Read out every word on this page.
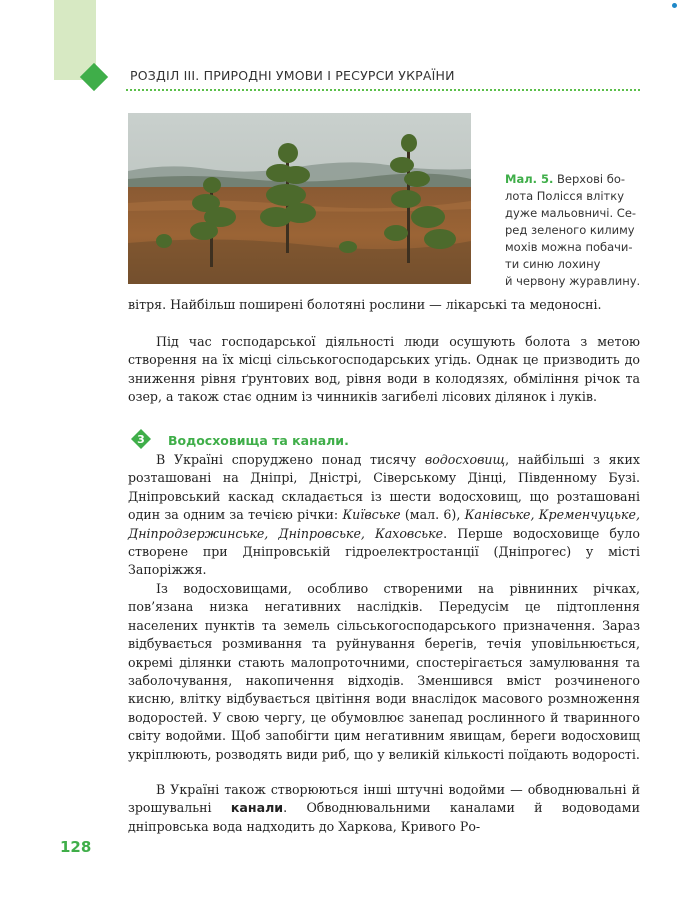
РОЗДІЛ ІІІ. ПРИРОДНІ УМОВИ І РЕСУРСИ УКРАЇНИ
Мал. 5. Верхові бо-
лота Полісся влітку
дуже мальовничі. Се-
ред зеленого килиму
мохів можна побачи-
ти синю лохину
й червону журавлину.

вітря. Найбільш поширені болотяні рослини — лікарські та медоносні.

Під час господарської діяльності люди осушують болота з метою створення на їх місці сільськогосподарських угідь. Однак це призводить до зниження рівня ґрунтових вод, рівня води в колодязях, обміління річок та озер, а також стає одним із чинників загибелі лісових ділянок і луків.

3 Водосховища та канали.

В Україні споруджено понад тисячу водосховищ, найбільші з яких розташовані на Дніпрі, Дністрі, Сіверському Дінці, Південному Бузі. Дніпровський каскад складається із шести водосховищ, що розташовані один за одним за течією річки: Київське (мал. 6), Канівське, Кременчуцьке, Дніпродзержинське, Дніпровське, Каховське. Перше водосховище було створене при Дніпровській гідроелектростанції (Дніпрогес) у місті Запоріжжя.

Із водосховищами, особливо створеними на рівнинних річках, пов’язана низка негативних наслідків. Передусім це підтоплення населених пунктів та земель сільськогосподарського призначення. Зараз відбувається розмивання та руйнування берегів, течія уповільнюється, окремі ділянки стають малопроточними, спостерігається замулювання та заболочування, накопичення відходів. Зменшився вміст розчиненого кисню, влітку відбувається цвітіння води внаслідок масового розмноження водоростей. У свою чергу, це обумовлює занепад рослинного й тваринного світу водойми. Щоб запобігти цим негативним явищам, береги водосховищ укріплюють, розводять види риб, що у великій кількості поїдають водорості.

В Україні також створюються інші штучні водойми — обводнювальні й зрошувальні канали. Обводнювальними каналами й водоводами дніпровська вода надходить до Харкова, Кривого Ро-

128
